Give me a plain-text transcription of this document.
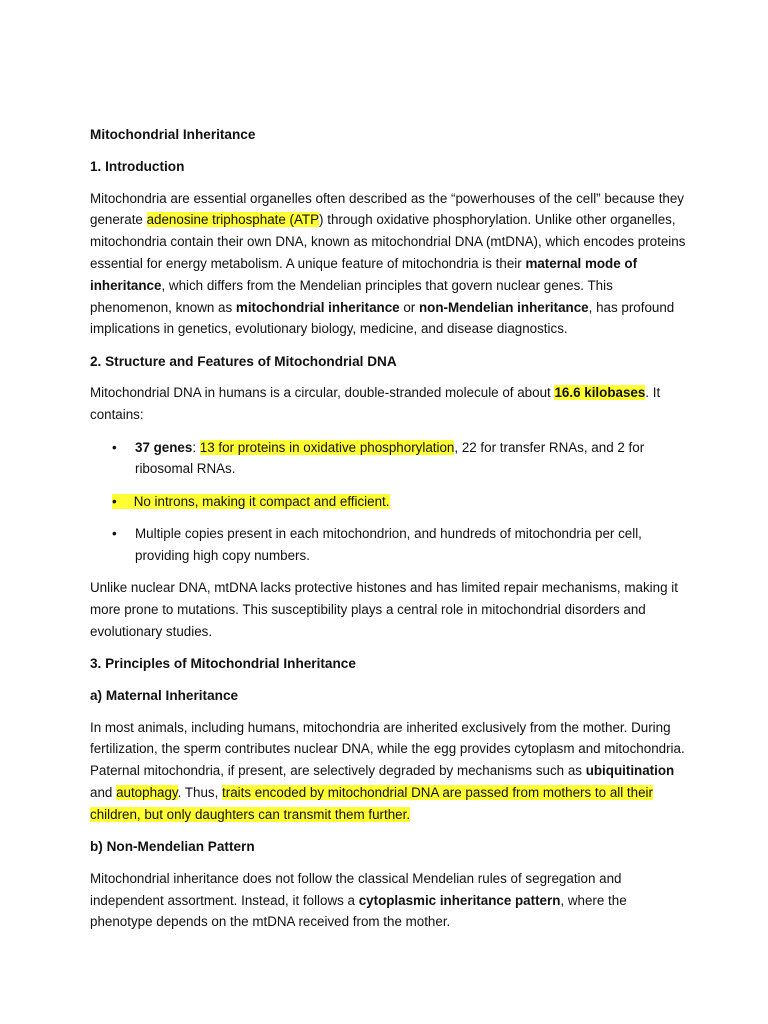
Mitochondrial Inheritance
1. Introduction
Mitochondria are essential organelles often described as the “powerhouses of the cell” because they generate adenosine triphosphate (ATP) through oxidative phosphorylation. Unlike other organelles, mitochondria contain their own DNA, known as mitochondrial DNA (mtDNA), which encodes proteins essential for energy metabolism. A unique feature of mitochondria is their maternal mode of inheritance, which differs from the Mendelian principles that govern nuclear genes. This phenomenon, known as mitochondrial inheritance or non-Mendelian inheritance, has profound implications in genetics, evolutionary biology, medicine, and disease diagnostics.
2. Structure and Features of Mitochondrial DNA
Mitochondrial DNA in humans is a circular, double-stranded molecule of about 16.6 kilobases. It contains:
• 37 genes: 13 for proteins in oxidative phosphorylation, 22 for transfer RNAs, and 2 for ribosomal RNAs.
• No introns, making it compact and efficient.
• Multiple copies present in each mitochondrion, and hundreds of mitochondria per cell, providing high copy numbers.
Unlike nuclear DNA, mtDNA lacks protective histones and has limited repair mechanisms, making it more prone to mutations. This susceptibility plays a central role in mitochondrial disorders and evolutionary studies.
3. Principles of Mitochondrial Inheritance
a) Maternal Inheritance
In most animals, including humans, mitochondria are inherited exclusively from the mother. During fertilization, the sperm contributes nuclear DNA, while the egg provides cytoplasm and mitochondria. Paternal mitochondria, if present, are selectively degraded by mechanisms such as ubiquitination and autophagy. Thus, traits encoded by mitochondrial DNA are passed from mothers to all their children, but only daughters can transmit them further.
b) Non-Mendelian Pattern
Mitochondrial inheritance does not follow the classical Mendelian rules of segregation and independent assortment. Instead, it follows a cytoplasmic inheritance pattern, where the phenotype depends on the mtDNA received from the mother.
